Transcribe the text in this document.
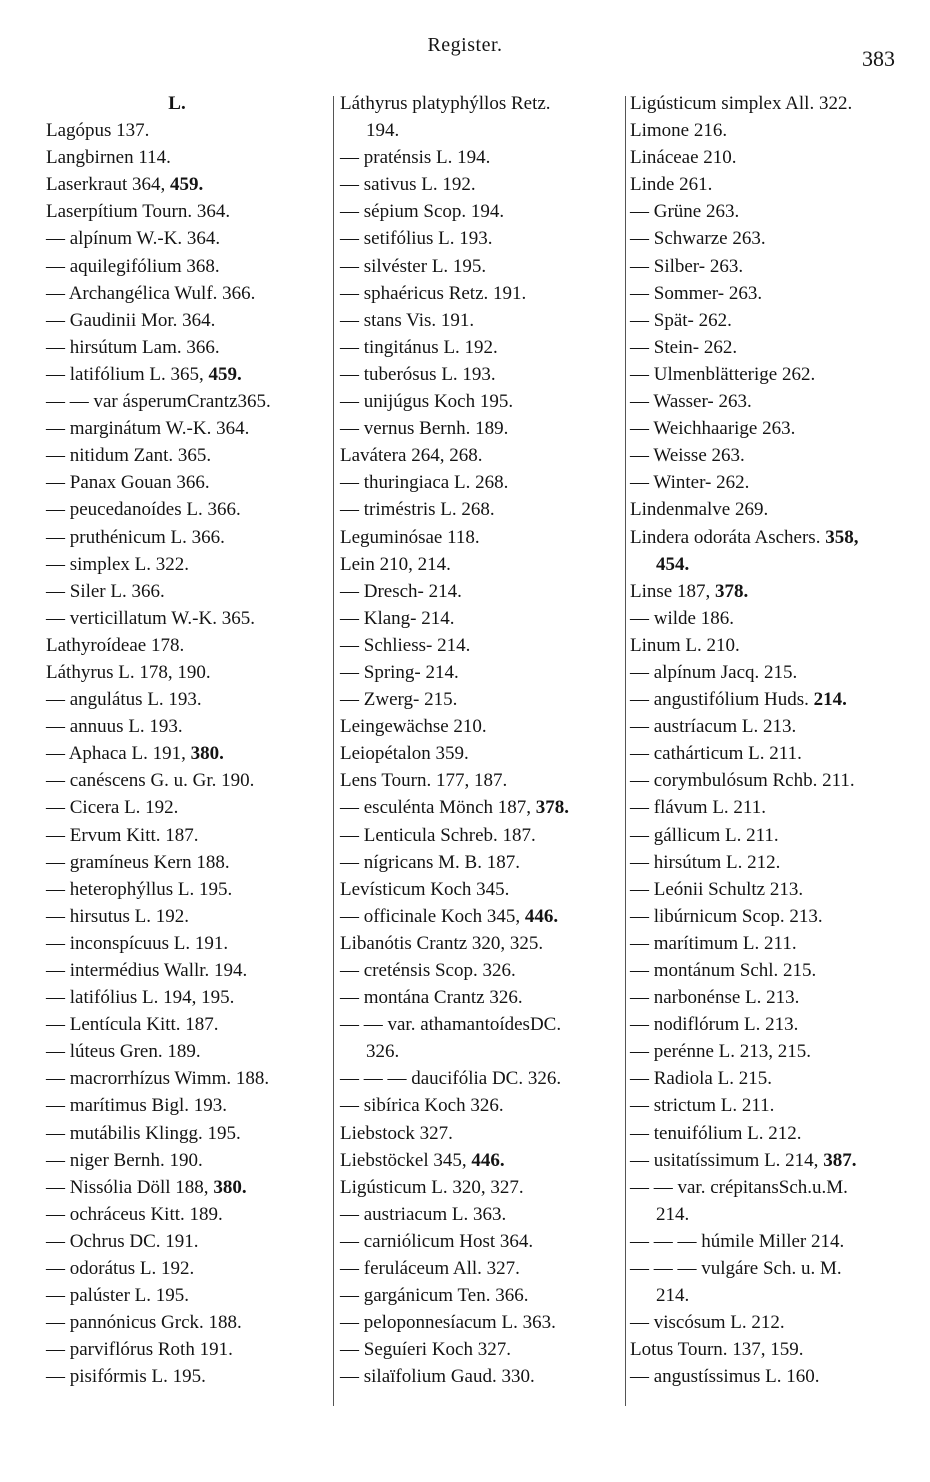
Register.
383
L.
Lagópus 137.
Langbirnen 114.
Laserkraut 364, 459.
Laserpítium Tourn. 364.
— alpínum W.-K. 364.
— aquilegifólium 368.
— Archangélica Wulf. 366.
— Gaudinii Mor. 364.
— hirsútum Lam. 366.
— latifólium L. 365, 459.
— — var ásperumCrantz365.
— marginátum W.-K. 364.
— nitidum Zant. 365.
— Panax Gouan 366.
— peucedanoídes L. 366.
— pruthénicum L. 366.
— simplex L. 322.
— Siler L. 366.
— verticillatum W.-K. 365.
Lathyroídeae 178.
Láthyrus L. 178, 190.
— angulátus L. 193.
— annuus L. 193.
— Aphaca L. 191, 380.
— canéscens G. u. Gr. 190.
— Cicera L. 192.
— Ervum Kitt. 187.
— gramíneus Kern 188.
— heterophýllus L. 195.
— hirsutus L. 192.
— inconspícuus L. 191.
— intermédius Wallr. 194.
— latifólius L. 194, 195.
— Lentícula Kitt. 187.
— lúteus Gren. 189.
— macrorrhízus Wimm. 188.
— marítimus Bigl. 193.
— mutábilis Klingg. 195.
— niger Bernh. 190.
— Nissólia Döll 188, 380.
— ochráceus Kitt. 189.
— Ochrus DC. 191.
— odorátus L. 192.
— palúster L. 195.
— pannónicus Grck. 188.
— parviflórus Roth 191.
— pisifórmis L. 195.
Láthyrus platyphýllos Retz.
194.
— praténsis L. 194.
— sativus L. 192.
— sépium Scop. 194.
— setifólius L. 193.
— silvéster L. 195.
— sphaéricus Retz. 191.
— stans Vis. 191.
— tingitánus L. 192.
— tuberósus L. 193.
— unijúgus Koch 195.
— vernus Bernh. 189.
Lavátera 264, 268.
— thuringiaca L. 268.
— triméstris L. 268.
Leguminósae 118.
Lein 210, 214.
— Dresch- 214.
— Klang- 214.
— Schliess- 214.
— Spring- 214.
— Zwerg- 215.
Leingewächse 210.
Leiopétalon 359.
Lens Tourn. 177, 187.
— esculénta Mönch 187, 378.
— Lenticula Schreb. 187.
— nígricans M. B. 187.
Levísticum Koch 345.
— officinale Koch 345, 446.
Libanótis Crantz 320, 325.
— creténsis Scop. 326.
— montána Crantz 326.
— — var. athamantoídesDC.
326.
— — — daucifólia DC. 326.
— sibírica Koch 326.
Liebstock 327.
Liebstöckel 345, 446.
Ligústicum L. 320, 327.
— austriacum L. 363.
— carniólicum Host 364.
— feruláceum All. 327.
— gargánicum Ten. 366.
— peloponnesíacum L. 363.
— Seguíeri Koch 327.
— silaïfolium Gaud. 330.
Ligústicum simplex All. 322.
Limone 216.
Lináceae 210.
Linde 261.
— Grüne 263.
— Schwarze 263.
— Silber- 263.
— Sommer- 263.
— Spät- 262.
— Stein- 262.
— Ulmenblätterige 262.
— Wasser- 263.
— Weichhaarige 263.
— Weisse 263.
— Winter- 262.
Lindenmalve 269.
Lindera odoráta Aschers. 358,
454.
Linse 187, 378.
— wilde 186.
Linum L. 210.
— alpínum Jacq. 215.
— angustifólium Huds. 214.
— austríacum L. 213.
— cathárticum L. 211.
— corymbulósum Rchb. 211.
— flávum L. 211.
— gállicum L. 211.
— hirsútum L. 212.
— Leónii Schultz 213.
— libúrnicum Scop. 213.
— marítimum L. 211.
— montánum Schl. 215.
— narbonénse L. 213.
— nodiflórum L. 213.
— perénne L. 213, 215.
— Radiola L. 215.
— strictum L. 211.
— tenuifólium L. 212.
— usitatíssimum L. 214, 387.
— — var. crépitansSch.u.M.
214.
— — — húmile Miller 214.
— — — vulgáre Sch. u. M.
214.
— viscósum L. 212.
Lotus Tourn. 137, 159.
— angustíssimus L. 160.
